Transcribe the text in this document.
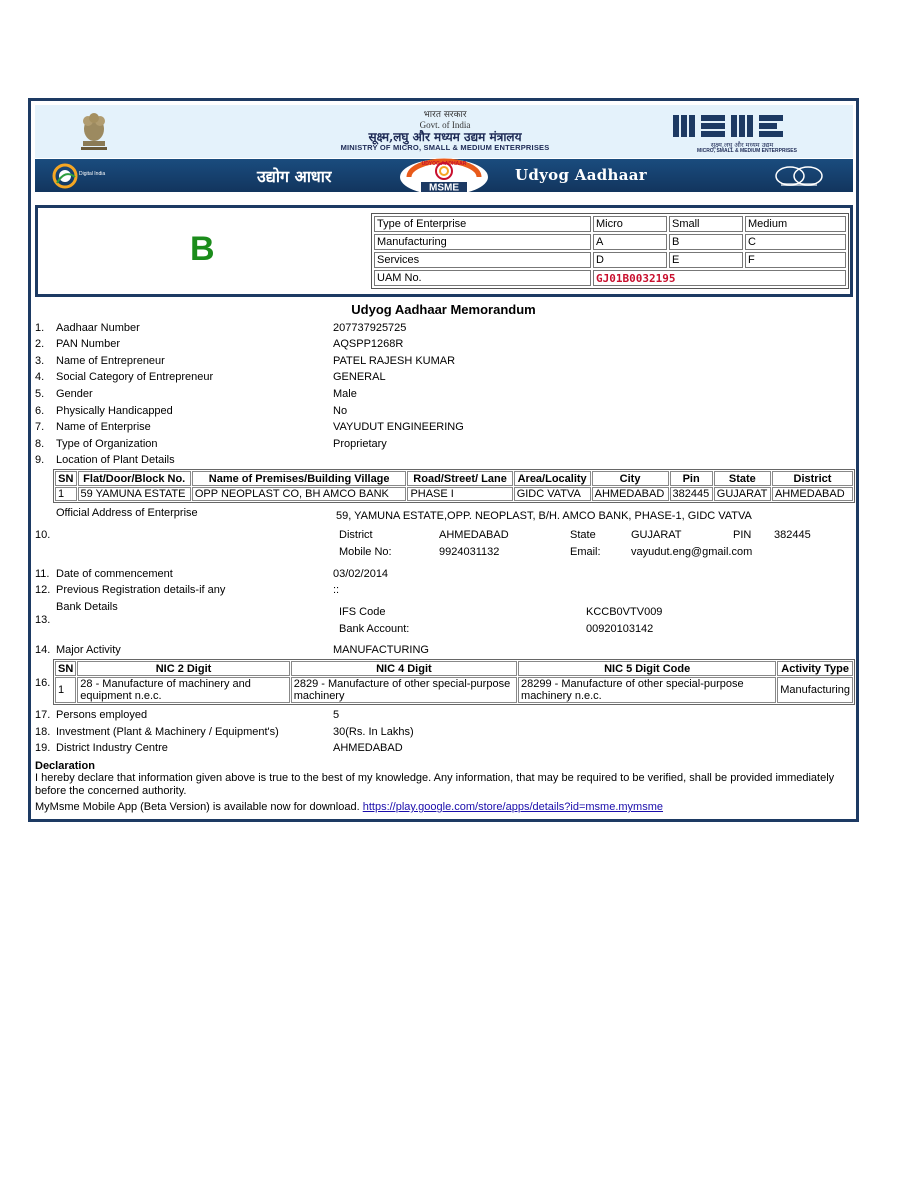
भारत सरकार
Govt. of India
सूक्ष्म,लघु और मध्यम उद्यम मंत्रालय
MINISTRY OF MICRO, SMALL & MEDIUM ENTERPRISES	सूक्ष्म,लघु और मध्यम उद्यम
MICRO, SMALL & MEDIUM ENTERPRISES
Digital India	उद्योग आधार
MSME
UDYOG AADHAAR
Udyog Aadhaar
B
Type of Enterprise	Micro	Small	Medium
Manufacturing	A	B	C
Services	D	E	F
UAM No.	GJ01B0032195		
Udyog Aadhaar Memorandum
1. Aadhaar Number	207737925725
2. PAN Number	AQSPP1268R
3. Name of Entrepreneur	PATEL RAJESH KUMAR
4. Social Category of Entrepreneur	GENERAL
5. Gender	Male
6. Physically Handicapped	No
7. Name of Enterprise	VAYUDUT ENGINEERING
8. Type of Organization	Proprietary
9. Location of Plant Details
SN	Flat/Door/Block No.	Name of Premises/Building Village	Road/Street/ Lane	Area/Locality	City	Pin	State	District
1	59 YAMUNA ESTATE	OPP NEOPLAST CO, BH AMCO BANK	PHASE I	GIDC VATVA	AHMEDABAD	382445	GUJARAT	AHMEDABAD
Official Address of Enterprise	59, YAMUNA ESTATE,OPP. NEOPLAST, B/H. AMCO BANK, PHASE-1, GIDC VATVA
10.	District	AHMEDABAD	State	GUJARAT	PIN 382445
Mobile No:	9924031132	Email:	vayudut.eng@gmail.com
11. Date of commencement	03/02/2014
12. Previous Registration details-if any	::
Bank Details
13.
IFS Code	KCCB0VTV009
Bank Account:	00920103142
14. Major Activity	MANUFACTURING
16.
SN	NIC 2 Digit	NIC 4 Digit	NIC 5 Digit Code	Activity Type
1	28 - Manufacture of machinery and equipment n.e.c.	2829 - Manufacture of other special-purpose machinery	28299 - Manufacture of other special-purpose machinery n.e.c.	Manufacturing
17. Persons employed	5
18. Investment (Plant & Machinery / Equipment's)	30(Rs. In Lakhs)
19. District Industry Centre	AHMEDABAD
Declaration
I hereby declare that information given above is true to the best of my knowledge. Any information, that may be required to be verified, shall be provided immediately before the concerned authority.
MyMsme Mobile App (Beta Version) is available now for download. https://play.google.com/store/apps/details?id=msme.mymsme
